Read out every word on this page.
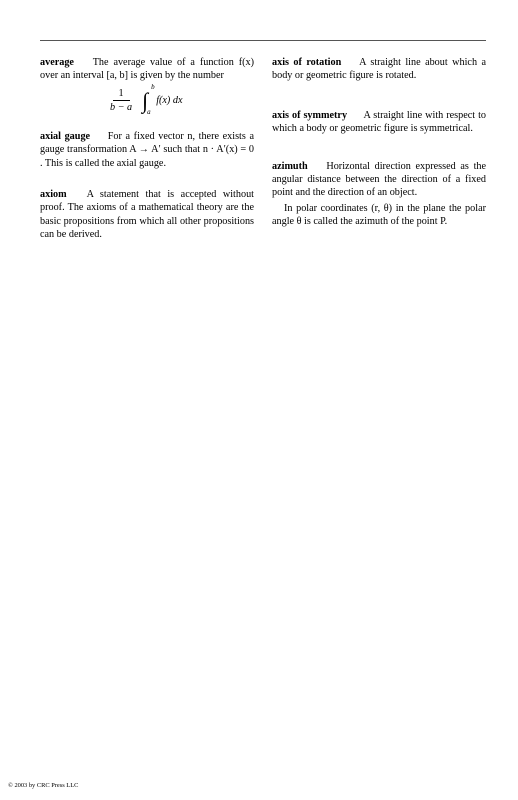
average The average value of a function f(x) over an interval [a, b] is given by the number

$\frac{1}{b - a}$ ∫
b
a
f(x) dx

axial gauge For a fixed vector n, there exists a gauge transformation A → A′ such that n · A′(x) = 0 . This is called the axial gauge.

axiom A statement that is accepted without proof. The axioms of a mathematical theory are the basic propositions from which all other propositions can be derived.

axis of rotation A straight line about which a body or geometric figure is rotated.

axis of symmetry A straight line with respect to which a body or geometric figure is symmetrical.

azimuth Horizontal direction expressed as the angular distance between the direction of a fixed point and the direction of an object.

In polar coordinates (r, θ) in the plane the polar angle θ is called the azimuth of the point P.

© 2003 by CRC Press LLC
